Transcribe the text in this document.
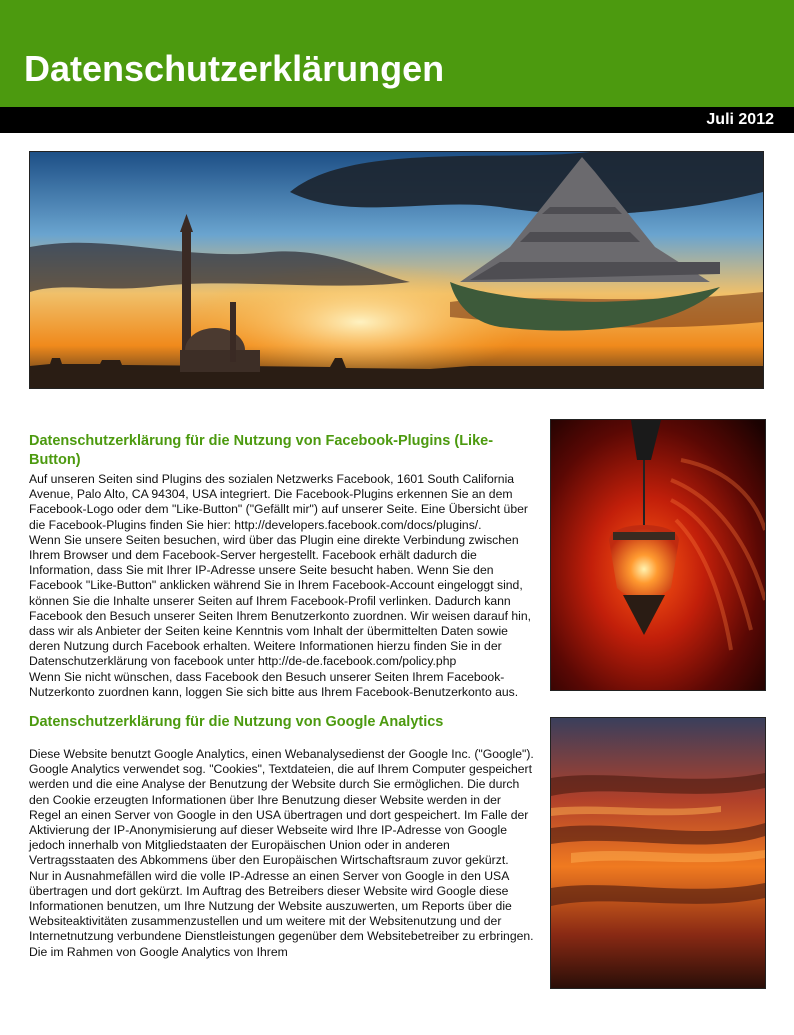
Datenschutzerklärungen
Juli 2012
Datenschutzerklärung für die Nutzung von Facebook-Plugins (Like-Button)

Auf unseren Seiten sind Plugins des sozialen Netzwerks Facebook, 1601 South California Avenue, Palo Alto, CA 94304, USA integriert. Die Facebook-Plugins erkennen Sie an dem Facebook-Logo oder dem "Like-Button" ("Gefällt mir") auf unserer Seite. Eine Übersicht über die Facebook-Plugins finden Sie hier: http://developers.facebook.com/docs/plugins/.

Wenn Sie unsere Seiten besuchen, wird über das Plugin eine direkte Verbindung zwischen Ihrem Browser und dem Facebook-Server hergestellt. Facebook erhält dadurch die Information, dass Sie mit Ihrer IP-Adresse unsere Seite besucht haben. Wenn Sie den Facebook "Like-Button" anklicken während Sie in Ihrem Facebook-Account eingeloggt sind, können Sie die Inhalte unserer Seiten auf Ihrem Facebook-Profil verlinken. Dadurch kann Facebook den Besuch unserer Seiten Ihrem Benutzerkonto zuordnen. Wir weisen darauf hin, dass wir als Anbieter der Seiten keine Kenntnis vom Inhalt der übermittelten Daten sowie deren Nutzung durch Facebook erhalten. Weitere Informationen hierzu finden Sie in der Datenschutzerklärung von facebook unter http://de-de.facebook.com/policy.php

Wenn Sie nicht wünschen, dass Facebook den Besuch unserer Seiten Ihrem Facebook-Nutzerkonto zuordnen kann, loggen Sie sich bitte aus Ihrem Facebook-Benutzerkonto aus.

Datenschutzerklärung für die Nutzung von Google Analytics

Diese Website benutzt Google Analytics, einen Webanalysedienst der Google Inc. ("Google"). Google Analytics verwendet sog. "Cookies", Textdateien, die auf Ihrem Computer gespeichert werden und die eine Analyse der Benutzung der Website durch Sie ermöglichen. Die durch den Cookie erzeugten Informationen über Ihre Benutzung dieser Website werden in der Regel an einen Server von Google in den USA übertragen und dort gespeichert. Im Falle der Aktivierung der IP-Anonymisierung auf dieser Webseite wird Ihre IP-Adresse von Google jedoch innerhalb von Mitgliedstaaten der Europäischen Union oder in anderen Vertragsstaaten des Abkommens über den Europäischen Wirtschaftsraum zuvor gekürzt.

Nur in Ausnahmefällen wird die volle IP-Adresse an einen Server von Google in den USA übertragen und dort gekürzt. Im Auftrag des Betreibers dieser Website wird Google diese Informationen benutzen, um Ihre Nutzung der Website auszuwerten, um Reports über die Websiteaktivitäten zusammenzustellen und um weitere mit der Websitenutzung und der Internetnutzung verbundene Dienstleistungen gegenüber dem Websitebetreiber zu erbringen. Die im Rahmen von Google Analytics von Ihrem
